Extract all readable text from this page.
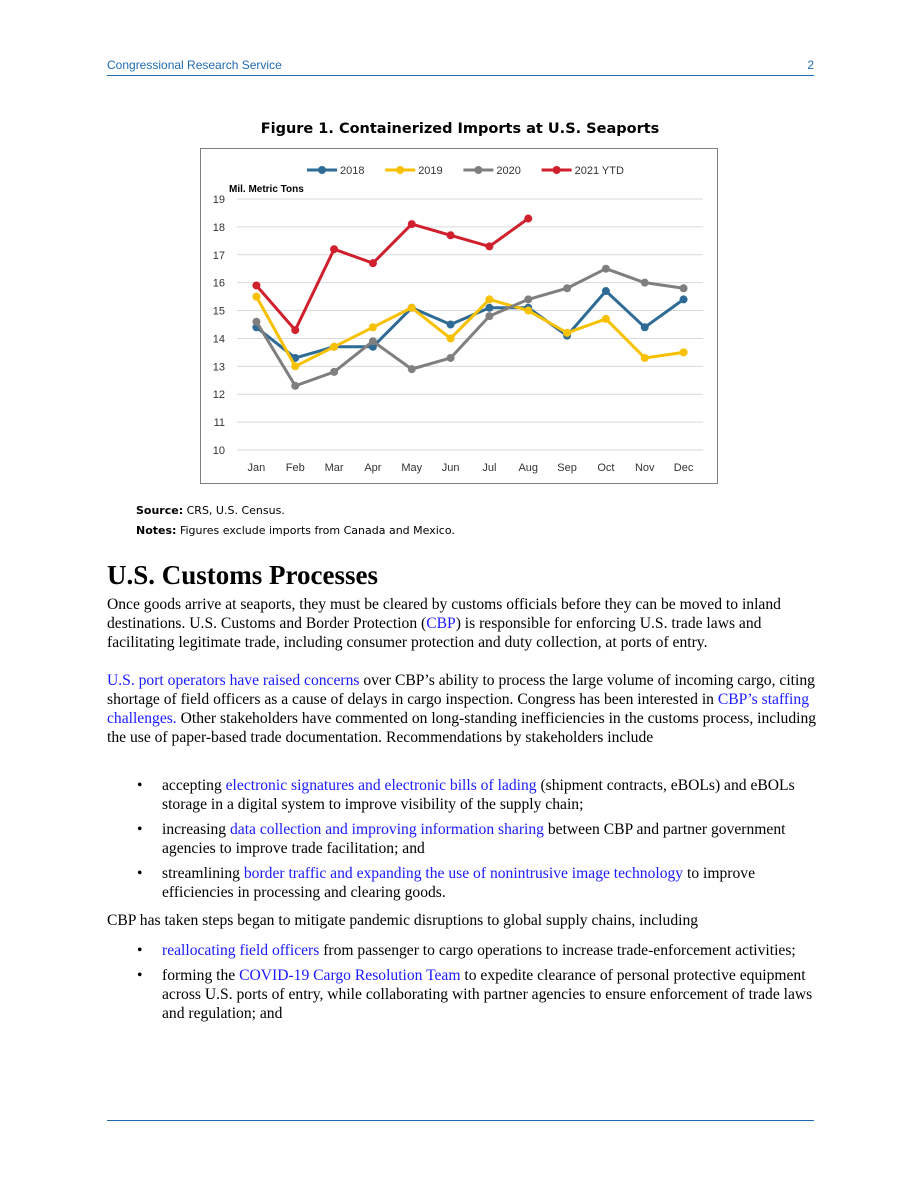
Congressional Research Service	2
Figure 1. Containerized Imports at U.S. Seaports
10
11
12
13
14
15
16
17
18
19
Mil. Metric Tons
Jan Feb Mar Apr May Jun Jul Aug Sep Oct Nov Dec
2018	2019	2020	2021 YTD
Source: CRS, U.S. Census.
Notes: Figures exclude imports from Canada and Mexico.
U.S. Customs Processes

Once goods arrive at seaports, they must be cleared by customs officials before they can be moved to inland destinations. U.S. Customs and Border Protection (CBP) is responsible for enforcing U.S. trade laws and facilitating legitimate trade, including consumer protection and duty collection, at ports of entry.

U.S. port operators have raised concerns over CBP’s ability to process the large volume of incoming cargo, citing shortage of field officers as a cause of delays in cargo inspection. Congress has been interested in CBP’s staffing challenges. Other stakeholders have commented on long-standing inefficiencies in the customs process, including the use of paper-based trade documentation. Recommendations by stakeholders include

• accepting electronic signatures and electronic bills of lading (shipment contracts, eBOLs) and eBOLs storage in a digital system to improve visibility of the supply chain;
• increasing data collection and improving information sharing between CBP and partner government agencies to improve trade facilitation; and
• streamlining border traffic and expanding the use of nonintrusive image technology to improve efficiencies in processing and clearing goods.

CBP has taken steps began to mitigate pandemic disruptions to global supply chains, including

• reallocating field officers from passenger to cargo operations to increase trade-enforcement activities;
• forming the COVID-19 Cargo Resolution Team to expedite clearance of personal protective equipment across U.S. ports of entry, while collaborating with partner agencies to ensure enforcement of trade laws and regulation; and
